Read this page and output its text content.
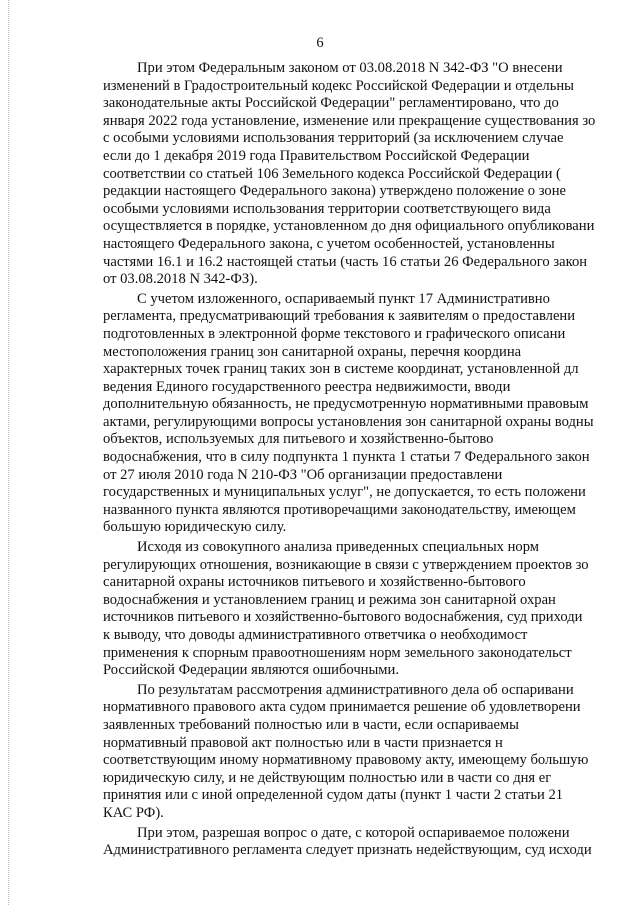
6

При этом Федеральным законом от 03.08.2018 N 342-ФЗ "О внесени
изменений в Градостроительный кодекс Российской Федерации и отдельны
законодательные акты Российской Федерации" регламентировано, что до
января 2022 года установление, изменение или прекращение существования зо
с особыми условиями использования территорий (за исключением случае
если до 1 декабря 2019 года Правительством Российской Федерации
соответствии со статьей 106 Земельного кодекса Российской Федерации (
редакции настоящего Федерального закона) утверждено положение о зоне
особыми условиями использования территории соответствующего вида
осуществляется в порядке, установленном до дня официального опубликовани
настоящего Федерального закона, с учетом особенностей, установленны
частями 16.1 и 16.2 настоящей статьи (часть 16 статьи 26 Федерального закон
от 03.08.2018 N 342-ФЗ).

С учетом изложенного, оспариваемый пункт 17 Административно
регламента, предусматривающий требования к заявителям о предоставлени
подготовленных в электронной форме текстового и графического описани
местоположения границ зон санитарной охраны, перечня координа
характерных точек границ таких зон в системе координат, установленной дл
ведения Единого государственного реестра недвижимости, вводи
дополнительную обязанность, не предусмотренную нормативными правовым
актами, регулирующими вопросы установления зон санитарной охраны водны
объектов, используемых для питьевого и хозяйственно-бытово
водоснабжения, что в силу подпункта 1 пункта 1 статьи 7 Федерального закон
от 27 июля 2010 года N 210-ФЗ "Об организации предоставлени
государственных и муниципальных услуг", не допускается, то есть положени
названного пункта являются противоречащими законодательству, имеющем
большую юридическую силу.

Исходя из совокупного анализа приведенных специальных норм
регулирующих отношения, возникающие в связи с утверждением проектов зо
санитарной охраны источников питьевого и хозяйственно-бытового
водоснабжения и установлением границ и режима зон санитарной охран
источников питьевого и хозяйственно-бытового водоснабжения, суд приходи
к выводу, что доводы административного ответчика о необходимост
применения к спорным правоотношениям норм земельного законодательст
Российской Федерации являются ошибочными.

По результатам рассмотрения административного дела об оспаривани
нормативного правового акта судом принимается решение об удовлетворени
заявленных требований полностью или в части, если оспариваемы
нормативный правовой акт полностью или в части признается н
соответствующим иному нормативному правовому акту, имеющему большую
юридическую силу, и не действующим полностью или в части со дня ег
принятия или с иной определенной судом даты (пункт 1 части 2 статьи 21
КАС РФ).

При этом, разрешая вопрос о дате, с которой оспариваемое положени
Административного регламента следует признать недействующим, суд исходи
